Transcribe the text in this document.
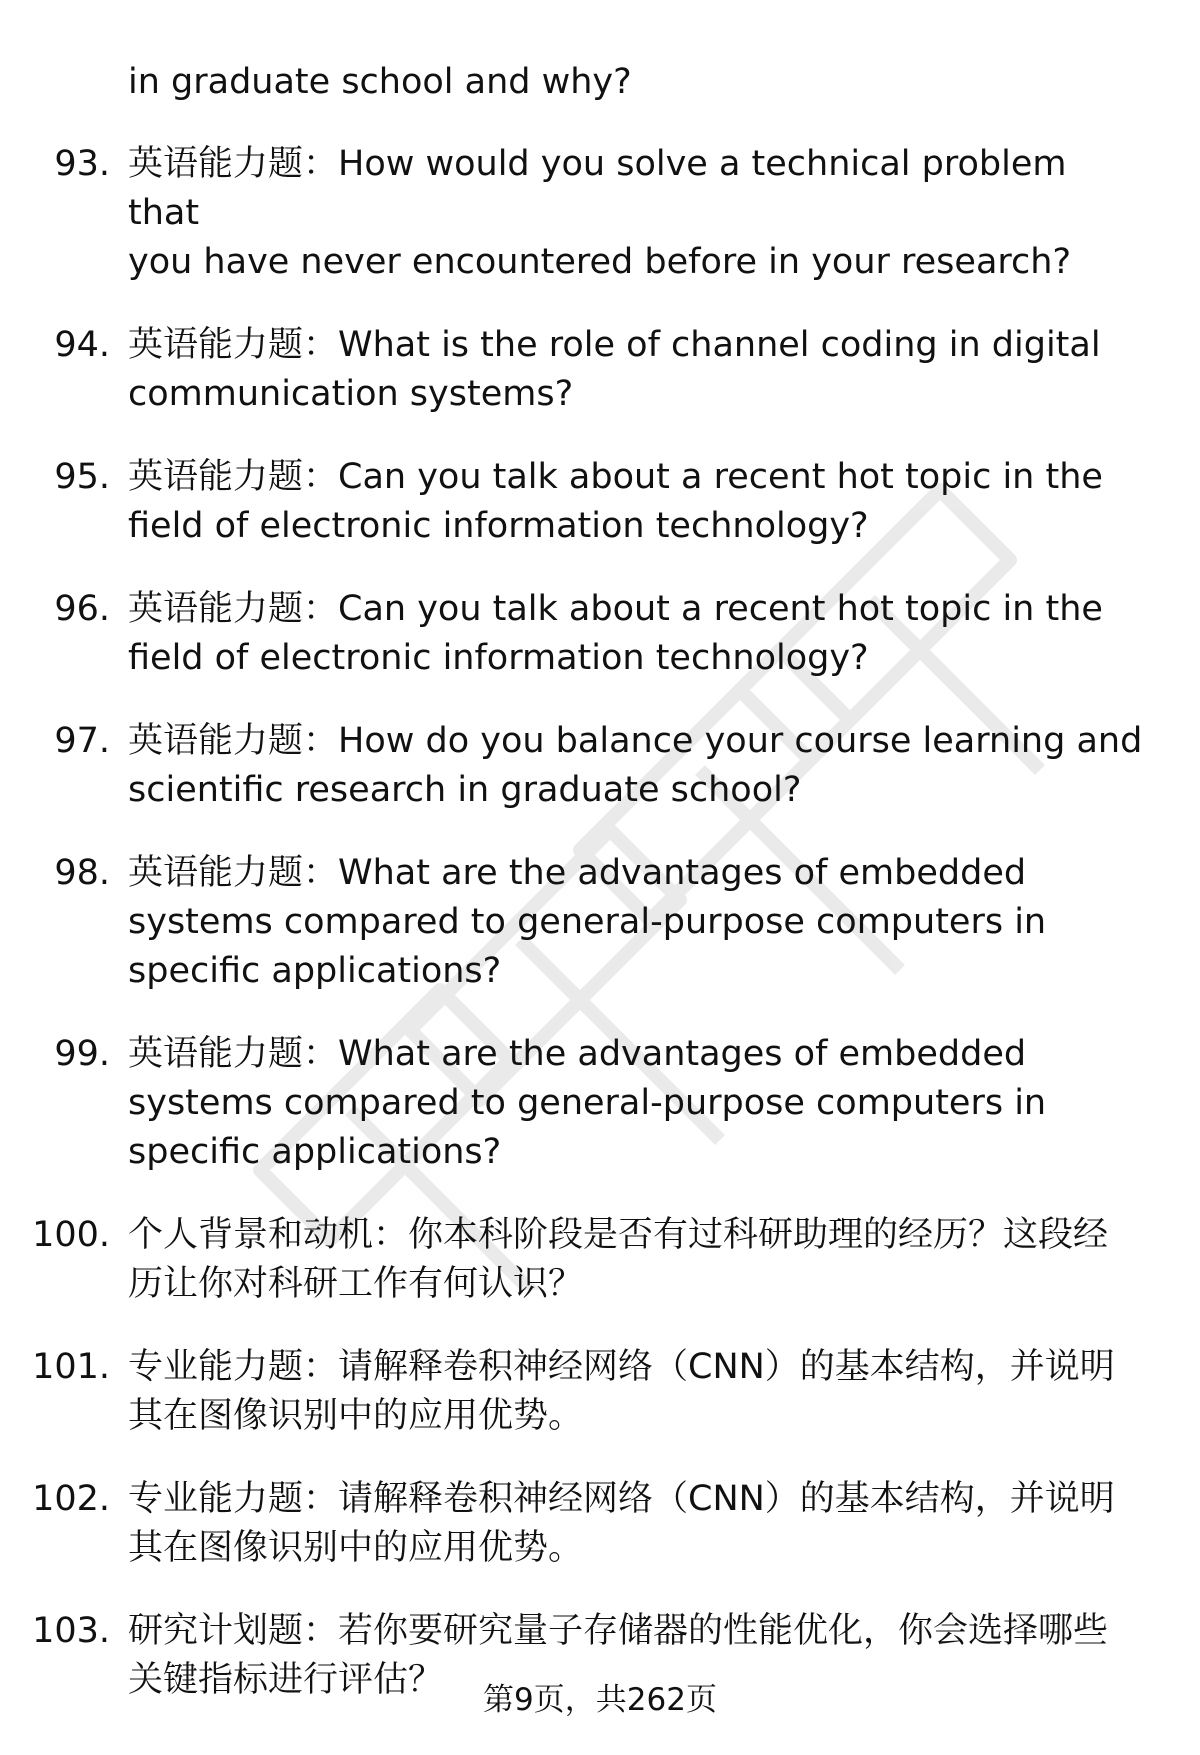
in graduate school and why?
93. 英语能力题：How would you solve a technical problem that
you have never encountered before in your research?
94. 英语能力题：What is the role of channel coding in digital
communication systems?
95. 英语能力题：Can you talk about a recent hot topic in the
field of electronic information technology?
96. 英语能力题：Can you talk about a recent hot topic in the
field of electronic information technology?
97. 英语能力题：How do you balance your course learning and
scientific research in graduate school?
98. 英语能力题：What are the advantages of embedded
systems compared to general-purpose computers in
specific applications?
99. 英语能力题：What are the advantages of embedded
systems compared to general-purpose computers in
specific applications?
100. 个人背景和动机：你本科阶段是否有过科研助理的经历？这段经
历让你对科研工作有何认识？
101. 专业能力题：请解释卷积神经网络（CNN）的基本结构，并说明
其在图像识别中的应用优势。
102. 专业能力题：请解释卷积神经网络（CNN）的基本结构，并说明
其在图像识别中的应用优势。
103. 研究计划题：若你要研究量子存储器的性能优化，你会选择哪些
关键指标进行评估？	第9页，共262页
